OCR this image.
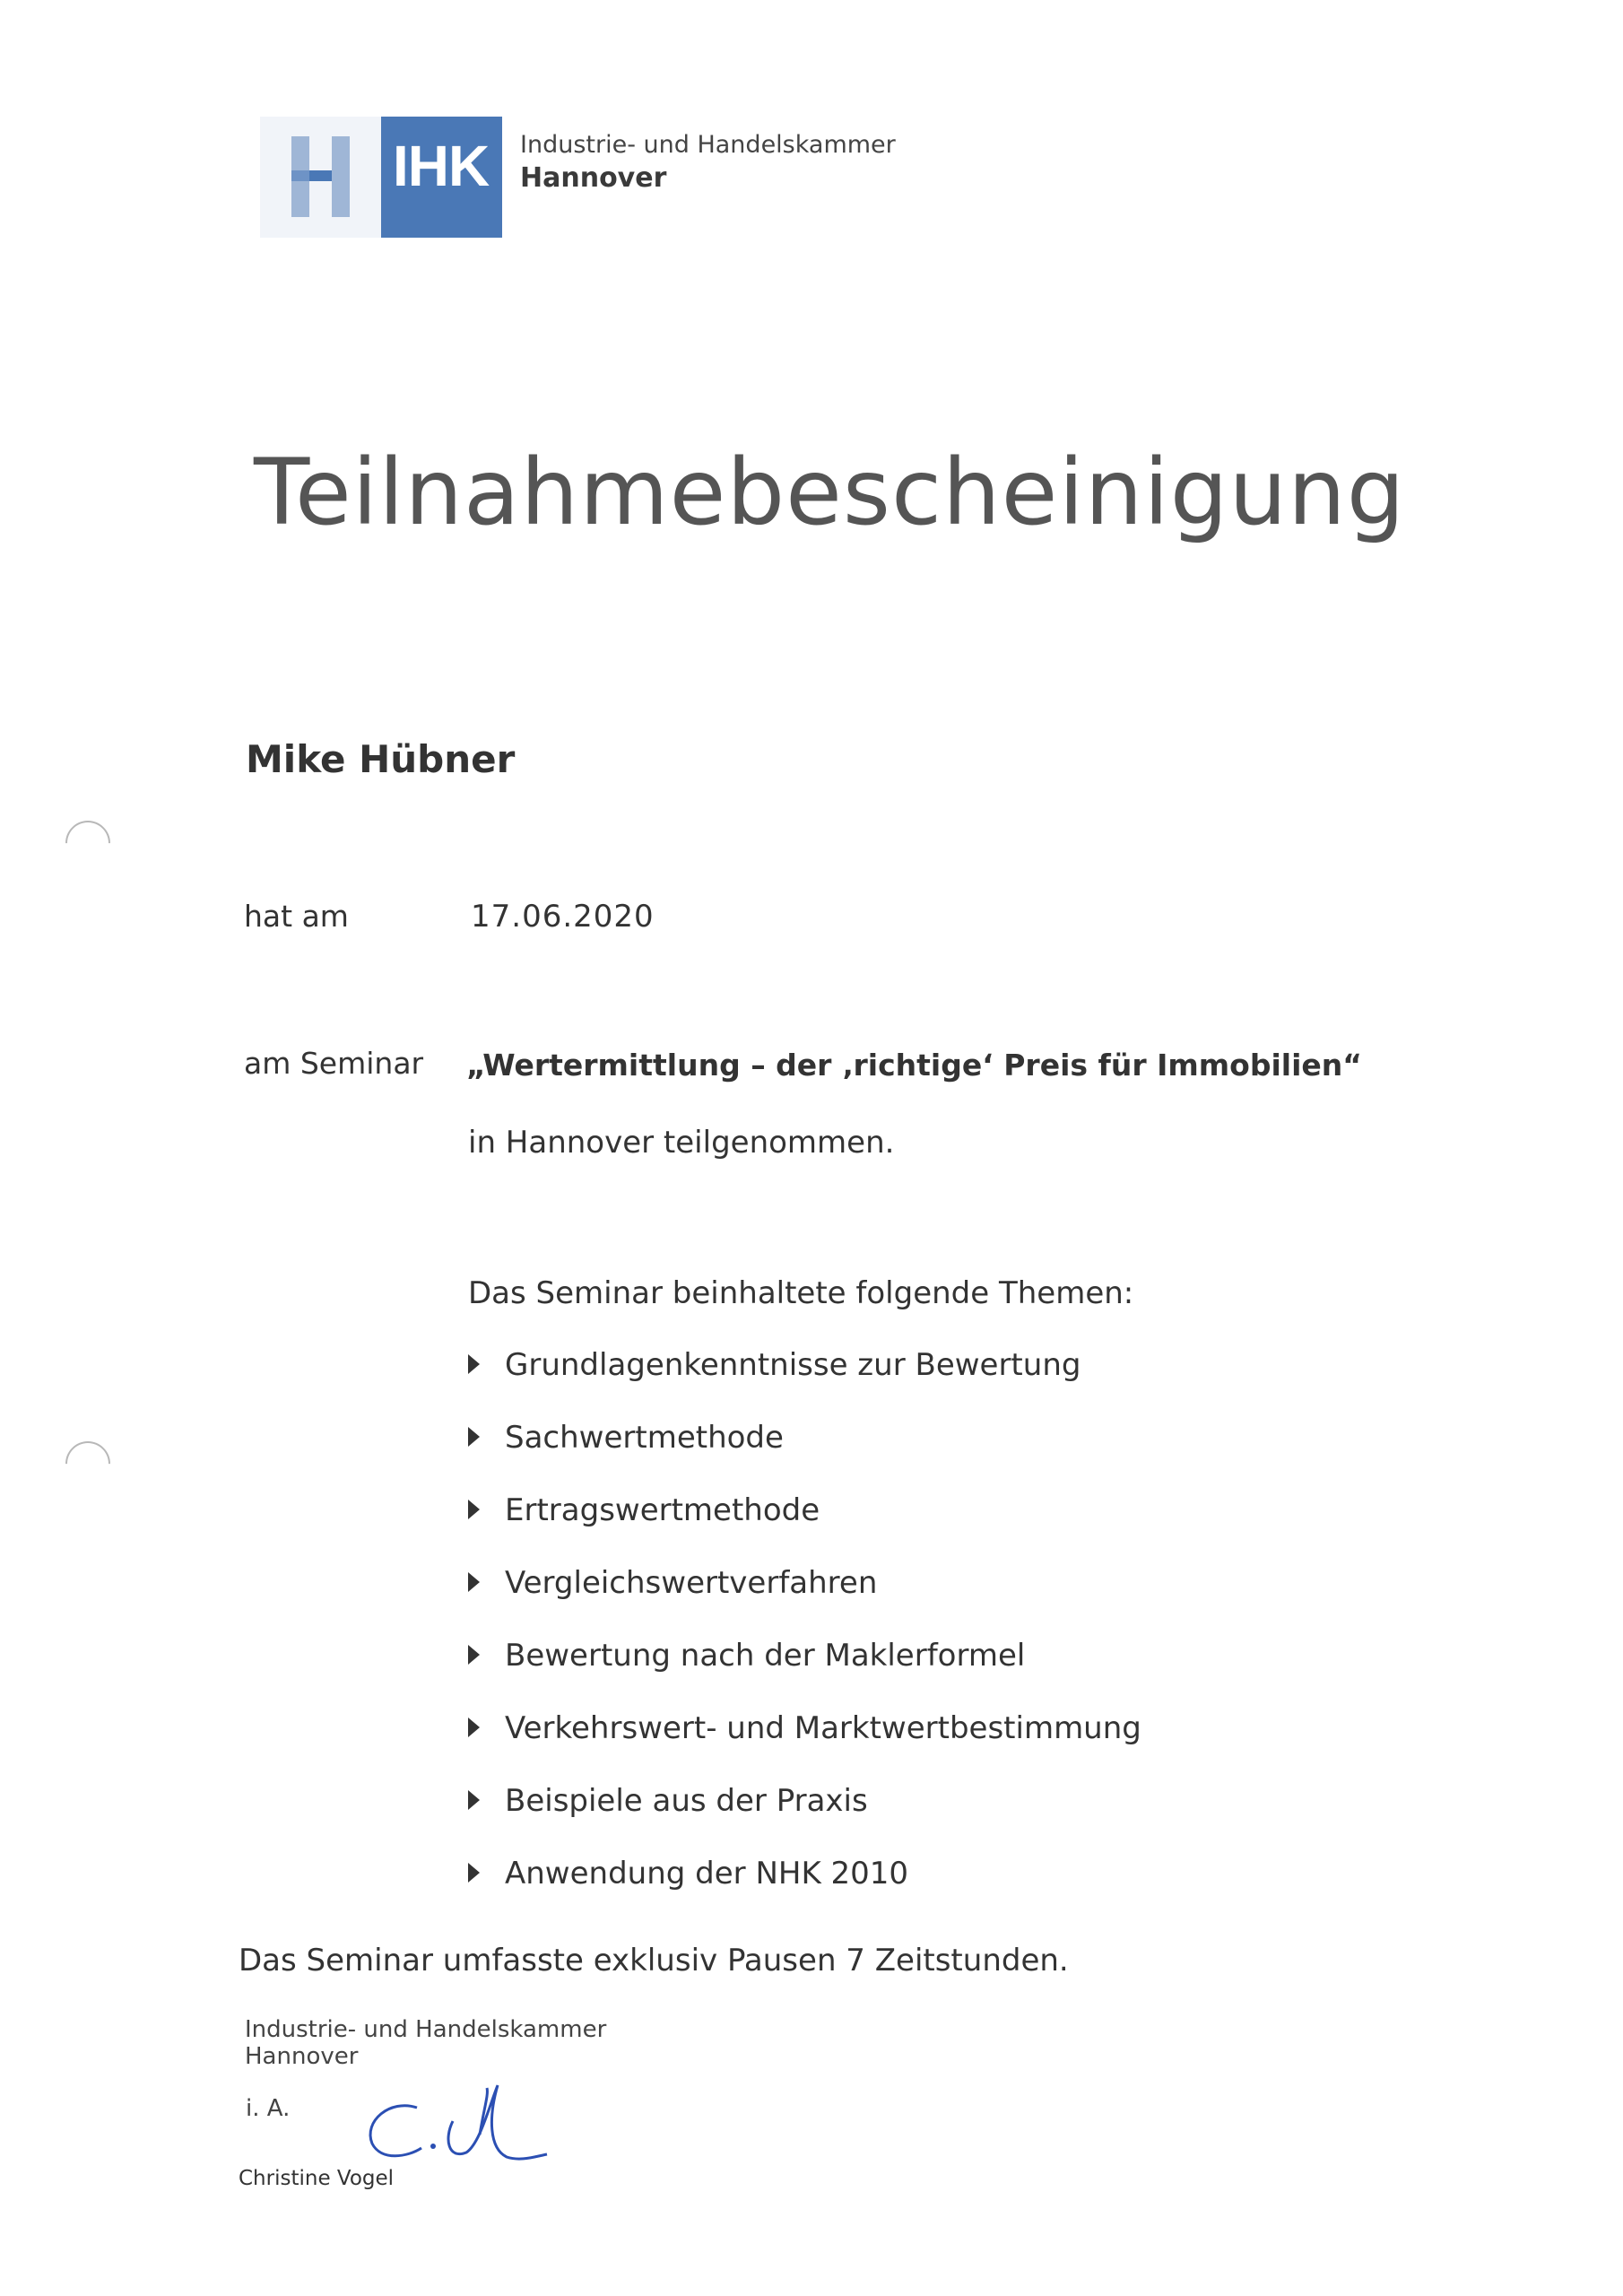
IHK Industrie- und Handelskammer
Hannover
Teilnahmebescheinigung
Mike Hübner
hat am	17.06.2020
am Seminar „Wertermittlung – der ‚richtige‘ Preis für Immobilien“
in Hannover teilgenommen.
Das Seminar beinhaltete folgende Themen:
Grundlagenkenntnisse zur Bewertung
Sachwertmethode
Ertragswertmethode
Vergleichswertverfahren
Bewertung nach der Maklerformel
Verkehrswert- und Marktwertbestimmung
Beispiele aus der Praxis
Anwendung der NHK 2010
Das Seminar umfasste exklusiv Pausen 7 Zeitstunden.
Industrie- und Handelskammer
Hannover
i. A.
Christine Vogel
